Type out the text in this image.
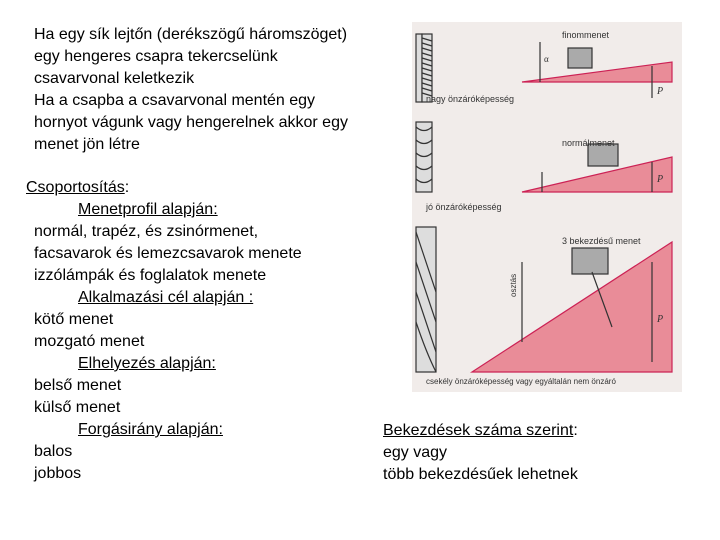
Ha egy sík lejtőn (derékszögű háromszöget)
egy hengeres csapra tekercselünk
csavarvonal keletkezik
Ha a csapba a csavarvonal mentén egy
hornyot vágunk vagy hengerelnek akkor egy
menet jön létre
Csoportosítás:
Menetprofil alapján:
normál, trapéz, és zsinórmenet,
facsavarok és lemezcsavarok menete
izzólámpák és foglalatok menete
Alkalmazási cél alapján :
kötő menet
mozgató menet
Elhelyezés alapján:
belső menet
külső menet
Forgásirány alapján:
balos
jobbos
Bekezdések száma szerint:
egy vagy
több bekezdésűek lehetnek
finommenet
nagy önzáróképesség
α
P
normálmenet
jó önzáróképesség
P
3 bekezdésű menet
csekély önzáróképesség vagy egyáltalán nem önzáró
osztás
P
